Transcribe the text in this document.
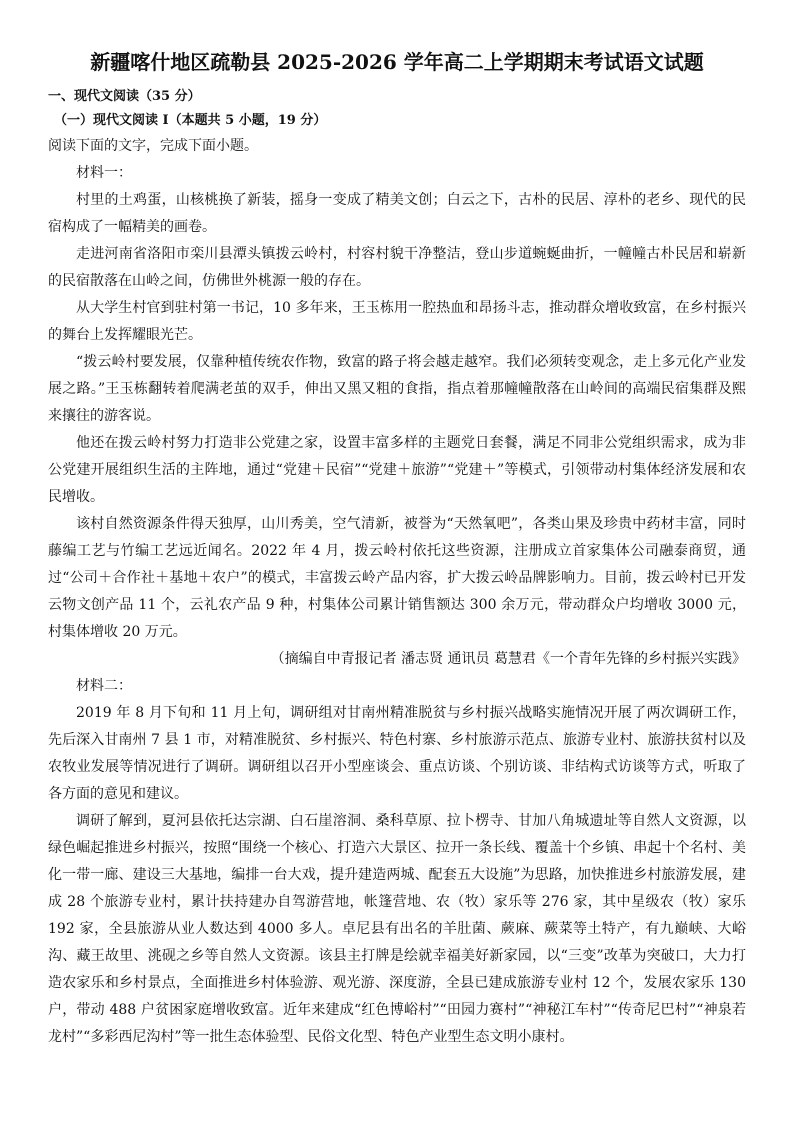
新疆喀什地区疏勒县 2025-2026 学年高二上学期期末考试语文试题
一、现代文阅读（35 分）
（一）现代文阅读 I（本题共 5 小题，19 分）
阅读下面的文字，完成下面小题。
材料一：
村里的土鸡蛋，山核桃换了新装，摇身一变成了精美文创；白云之下，古朴的民居、淳朴的老乡、现代的民宿构成了一幅精美的画卷。
走进河南省洛阳市栾川县潭头镇拨云岭村，村容村貌干净整洁，登山步道蜿蜒曲折，一幢幢古朴民居和崭新的民宿散落在山岭之间，仿佛世外桃源一般的存在。
从大学生村官到驻村第一书记，10 多年来，王玉栋用一腔热血和昂扬斗志，推动群众增收致富，在乡村振兴的舞台上发挥耀眼光芒。
“拨云岭村要发展，仅靠种植传统农作物，致富的路子将会越走越窄。我们必须转变观念，走上多元化产业发展之路。”王玉栋翻转着爬满老茧的双手，伸出又黑又粗的食指，指点着那幢幢散落在山岭间的高端民宿集群及熙来攘往的游客说。
他还在拨云岭村努力打造非公党建之家，设置丰富多样的主题党日套餐，满足不同非公党组织需求，成为非公党建开展组织生活的主阵地，通过“党建＋民宿”“党建＋旅游”“党建＋”等模式，引领带动村集体经济发展和农民增收。
该村自然资源条件得天独厚，山川秀美，空气清新，被誉为“天然氧吧”，各类山果及珍贵中药材丰富，同时藤编工艺与竹编工艺远近闻名。2022 年 4 月，拨云岭村依托这些资源，注册成立首家集体公司融泰商贸，通过“公司＋合作社＋基地＋农户”的模式，丰富拨云岭产品内容，扩大拨云岭品牌影响力。目前，拨云岭村已开发云物文创产品 11 个，云礼农产品 9 种，村集体公司累计销售额达 300 余万元，带动群众户均增收 3000 元，村集体增收 20 万元。
（摘编自中青报记者 潘志贤 通讯员 葛慧君《一个青年先锋的乡村振兴实践》
材料二：
2019 年 8 月下旬和 11 月上旬，调研组对甘南州精准脱贫与乡村振兴战略实施情况开展了两次调研工作，先后深入甘南州 7 县 1 市，对精准脱贫、乡村振兴、特色村寨、乡村旅游示范点、旅游专业村、旅游扶贫村以及农牧业发展等情况进行了调研。调研组以召开小型座谈会、重点访谈、个别访谈、非结构式访谈等方式，听取了各方面的意见和建议。
调研了解到，夏河县依托达宗湖、白石崖溶洞、桑科草原、拉卜楞寺、甘加八角城遗址等自然人文资源，以绿色崛起推进乡村振兴，按照“围绕一个核心、打造六大景区、拉开一条长线、覆盖十个乡镇、串起十个名村、美化一带一廊、建设三大基地，编排一台大戏，提升建造两城、配套五大设施”为思路，加快推进乡村旅游发展，建成 28 个旅游专业村，累计扶持建办自驾游营地，帐篷营地、农（牧）家乐等 276 家，其中星级农（牧）家乐 192 家，全县旅游从业人数达到 4000 多人。卓尼县有出名的羊肚菌、蕨麻、蕨菜等土特产，有九巅峡、大峪沟、藏王故里、洮砚之乡等自然人文资源。该县主打牌是绘就幸福美好新家园，以“三变”改革为突破口，大力打造农家乐和乡村景点，全面推进乡村体验游、观光游、深度游，全县已建成旅游专业村 12 个，发展农家乐 130 户，带动 488 户贫困家庭增收致富。近年来建成“红色博峪村”“田园力赛村”“神秘江车村”“传奇尼巴村”“神泉若龙村”“多彩西尼沟村”等一批生态体验型、民俗文化型、特色产业型生态文明小康村。
